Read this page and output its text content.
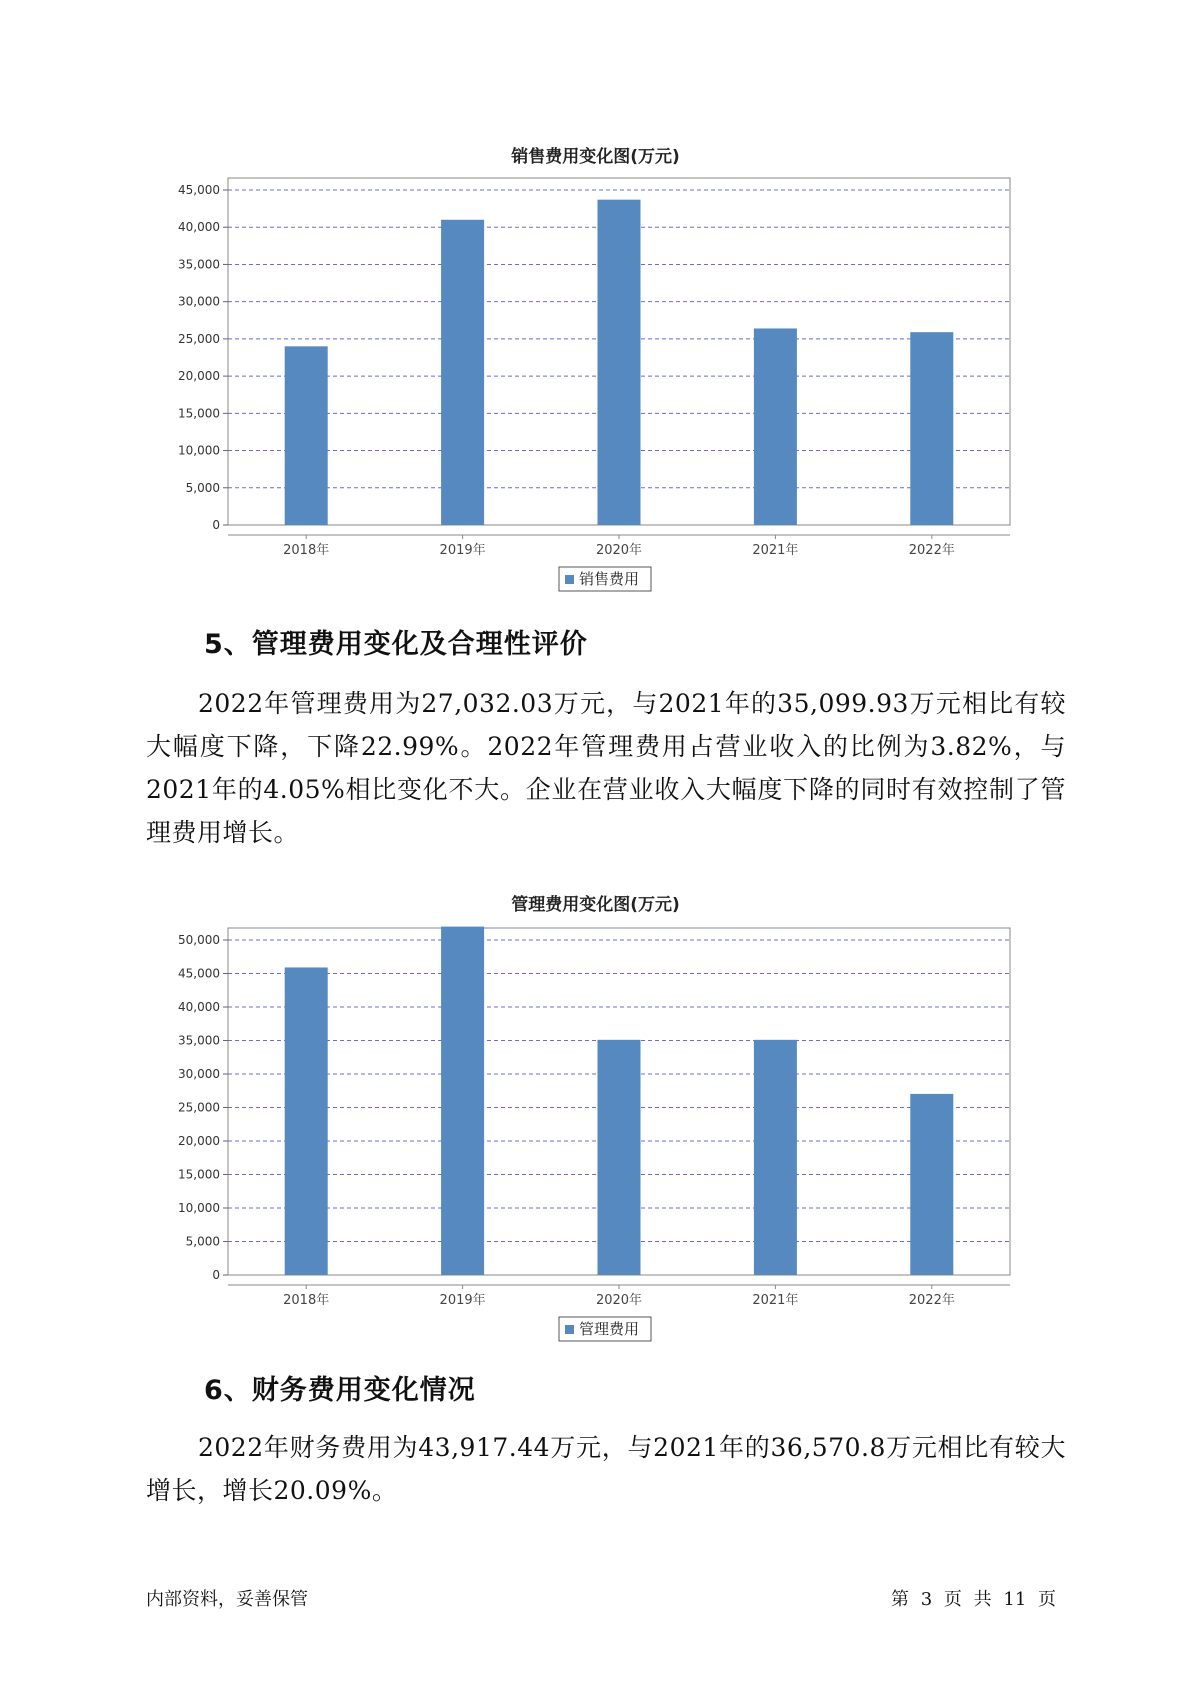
销售费用变化图(万元)
0
5,000
10,000
15,000
20,000
25,000
30,000
35,000
40,000
45,000
2018年	2019年	2020年	2021年	2022年
销售费用
5、管理费用变化及合理性评价

2022年管理费用为27,032.03万元，与2021年的35,099.93万元相比有较大幅度下降，下降22.99%。2022年管理费用占营业收入的比例为3.82%，与2021年的4.05%相比变化不大。企业在营业收入大幅度下降的同时有效控制了管理费用增长。

管理费用变化图(万元)
0
5,000
10,000
15,000
20,000
25,000
30,000
35,000
40,000
45,000
50,000
2018年	2019年	2020年	2021年	2022年
管理费用
6、财务费用变化情况

2022年财务费用为43,917.44万元，与2021年的36,570.8万元相比有较大增长，增长20.09%。

内部资料，妥善保管	第 3 页 共 11 页
